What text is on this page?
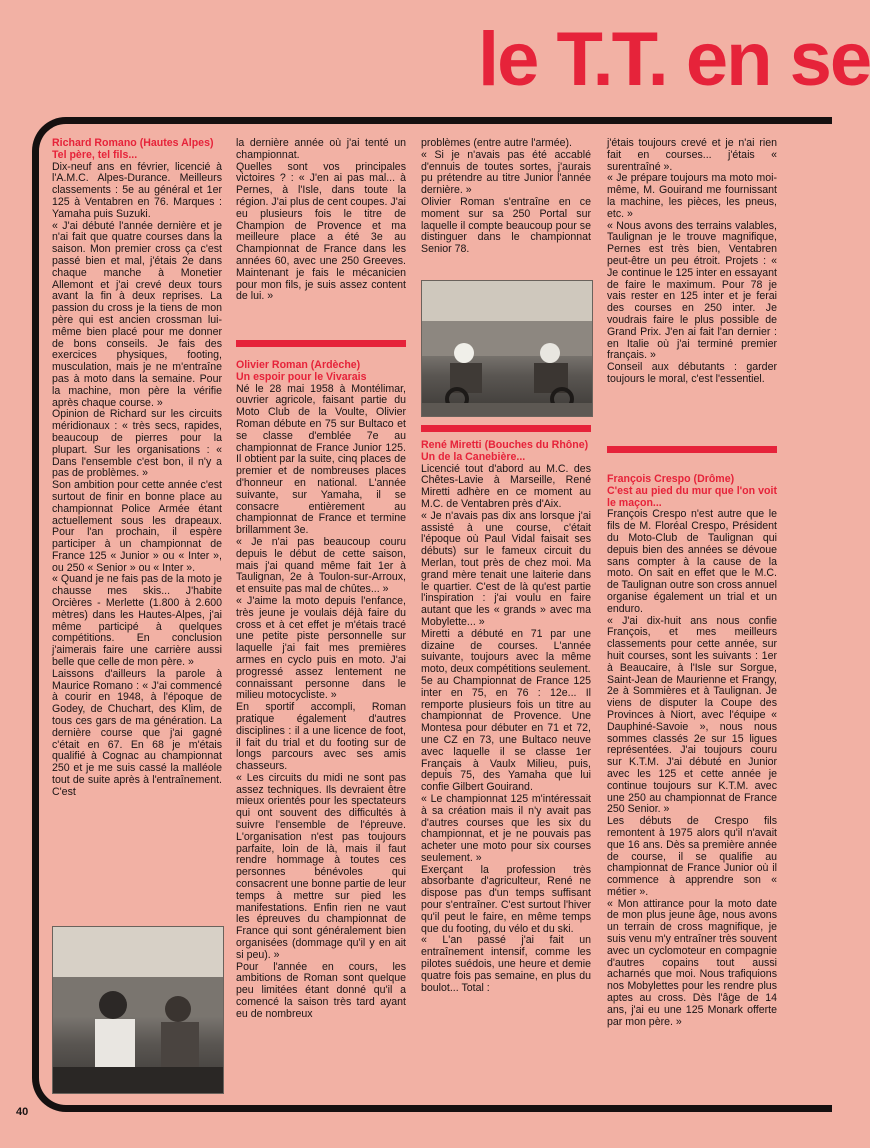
le T.T. en se

Richard Romano (Hautes Alpes)

Tel père, tel fils...

Dix-neuf ans en février, licencié à l'A.M.C. Alpes-Durance. Meilleurs classements : 5e au général et 1er 125 à Ventabren en 76. Marques : Yamaha puis Suzuki.

« J'ai débuté l'année dernière et je n'ai fait que quatre courses dans la saison. Mon premier cross ça c'est passé bien et mal, j'étais 2e dans chaque manche à Monetier Allemont et j'ai crevé deux tours avant la fin à deux reprises. La passion du cross je la tiens de mon père qui est ancien crossman lui-même bien placé pour me donner de bons conseils. Je fais des exercices physiques, footing, musculation, mais je ne m'entraîne pas à moto dans la semaine. Pour la machine, mon père la vérifie après chaque course. »

Opinion de Richard sur les circuits méridionaux : « très secs, rapides, beaucoup de pierres pour la plupart. Sur les organisations : « Dans l'ensemble c'est bon, il n'y a pas de problèmes. »

Son ambition pour cette année c'est surtout de finir en bonne place au championnat Police Armée étant actuellement sous les drapeaux. Pour l'an prochain, il espère participer à un championnat de France 125 « Junior » ou « Inter », ou 250 « Senior » ou « Inter ».

« Quand je ne fais pas de la moto je chausse mes skis... J'habite Orcières - Merlette (1.800 à 2.600 mètres) dans les Hautes-Alpes, j'ai même participé à quelques compétitions. En conclusion j'aimerais faire une carrière aussi belle que celle de mon père. »

Laissons d'ailleurs la parole à Maurice Romano : « J'ai commencé à courir en 1948, à l'époque de Godey, de Chuchart, des Klim, de tous ces gars de ma génération. La dernière course que j'ai gagné c'était en 67. En 68 je m'étais qualifié à Cognac au championnat 250 et je me suis cassé la malléole tout de suite après à l'entraînement. C'est

la dernière année où j'ai tenté un championnat.

Quelles sont vos principales victoires ? : « J'en ai pas mal... à Pernes, à l'Isle, dans toute la région. J'ai plus de cent coupes. J'ai eu plusieurs fois le titre de Champion de Provence et ma meilleure place a été 3e au Championnat de France dans les années 60, avec une 250 Greeves. Maintenant je fais le mécanicien pour mon fils, je suis assez content de lui. »

Olivier Roman (Ardèche)

Un espoir pour le Vivarais

Né le 28 mai 1958 à Montélimar, ouvrier agricole, faisant partie du Moto Club de la Voulte, Olivier Roman débute en 75 sur Bultaco et se classe d'emblée 7e au championnat de France Junior 125. Il obtient par la suite, cinq places de premier et de nombreuses places d'honneur en national. L'année suivante, sur Yamaha, il se consacre entièrement au championnat de France et termine brillamment 3e.

« Je n'ai pas beaucoup couru depuis le début de cette saison, mais j'ai quand même fait 1er à Taulignan, 2e à Toulon-sur-Arroux, et ensuite pas mal de chûtes... »

« J'aime la moto depuis l'enfance, très jeune je voulais déjà faire du cross et à cet effet je m'étais tracé une petite piste personnelle sur laquelle j'ai fait mes premières armes en cyclo puis en moto. J'ai progressé assez lentement ne connaissant personne dans le milieu motocycliste. »

En sportif accompli, Roman pratique également d'autres disciplines : il a une licence de foot, il fait du trial et du footing sur de longs parcours avec ses amis chasseurs.

« Les circuits du midi ne sont pas assez techniques. Ils devraient être mieux orientés pour les spectateurs qui ont souvent des difficultés à suivre l'ensemble de l'épreuve. L'organisation n'est pas toujours parfaite, loin de là, mais il faut rendre hommage à toutes ces personnes bénévoles qui consacrent une bonne partie de leur temps à mettre sur pied les manifestations. Enfin rien ne vaut les épreuves du championnat de France qui sont généralement bien organisées (dommage qu'il y en ait si peu). »

Pour l'année en cours, les ambitions de Roman sont quelque peu limitées étant donné qu'il a comencé la saison très tard ayant eu de nombreux

problèmes (entre autre l'armée).

« Si je n'avais pas été accablé d'ennuis de toutes sortes, j'aurais pu prétendre au titre Junior l'année dernière. »

Olivier Roman s'entraîne en ce moment sur sa 250 Portal sur laquelle il compte beaucoup pour se distinguer dans le championnat Senior 78.

René Miretti (Bouches du Rhône)

Un de la Canebière...

Licencié tout d'abord au M.C. des Chêtes-Lavie à Marseille, René Miretti adhère en ce moment au M.C. de Ventabren près d'Aix.

« Je n'avais pas dix ans lorsque j'ai assisté à une course, c'était l'époque où Paul Vidal faisait ses débuts) sur le fameux circuit du Merlan, tout près de chez moi. Ma grand mère tenait une laiterie dans le quartier. C'est de là qu'est partie l'inspiration : j'ai voulu en faire autant que les « grands » avec ma Mobylette... »

Miretti a débuté en 71 par une dizaine de courses. L'année suivante, toujours avec la même moto, deux compétitions seulement.

5e au Championnat de France 125 inter en 75, en 76 : 12e... Il remporte plusieurs fois un titre au championnat de Provence. Une Montesa pour débuter en 71 et 72, une CZ en 73, une Bultaco neuve avec laquelle il se classe 1er Français à Vaulx Milieu, puis, depuis 75, des Yamaha que lui confie Gilbert Gouirand.

« Le championnat 125 m'intéressait à sa création mais il n'y avait pas d'autres courses que les six du championnat, et je ne pouvais pas acheter une moto pour six courses seulement. »

Exerçant la profession très absorbante d'agriculteur, René ne dispose pas d'un temps suffisant pour s'entraîner. C'est surtout l'hiver qu'il peut le faire, en même temps que du footing, du vélo et du ski.

« L'an passé j'ai fait un entraînement intensif, comme les pilotes suédois, une heure et demie quatre fois pas semaine, en plus du boulot... Total :

j'étais toujours crevé et je n'ai rien fait en courses... j'étais « surentraîné ».

« Je prépare toujours ma moto moi-même, M. Gouirand me fournissant la machine, les pièces, les pneus, etc. »

« Nous avons des terrains valables, Taulignan je le trouve magnifique, Pernes est très bien, Ventabren peut-être un peu étroit. Projets : « Je continue le 125 inter en essayant de faire le maximum. Pour 78 je vais rester en 125 inter et je ferai des courses en 250 inter. Je voudrais faire le plus possible de Grand Prix. J'en ai fait l'an dernier : en Italie où j'ai terminé premier français. »

Conseil aux débutants : garder toujours le moral, c'est l'essentiel.

François Crespo (Drôme)

C'est au pied du mur que l'on voit le maçon...

François Crespo n'est autre que le fils de M. Floréal Crespo, Président du Moto-Club de Taulignan qui depuis bien des années se dévoue sans compter à la cause de la moto. On sait en effet que le M.C. de Taulignan outre son cross annuel organise également un trial et un enduro.

« J'ai dix-huit ans nous confie François, et mes meilleurs classements pour cette année, sur huit courses, sont les suivants : 1er à Beaucaire, à l'Isle sur Sorgue, Saint-Jean de Maurienne et Frangy, 2e à Sommières et à Taulignan. Je viens de disputer la Coupe des Provinces à Niort, avec l'équipe « Dauphiné-Savoie », nous nous sommes classés 2e sur 15 ligues représentées. J'ai toujours couru sur K.T.M. J'ai débuté en Junior avec les 125 et cette année je continue toujours sur K.T.M. avec une 250 au championnat de France 250 Senior. »

Les débuts de Crespo fils remontent à 1975 alors qu'il n'avait que 16 ans. Dès sa première année de course, il se qualifie au championnat de France Junior où il commence à apprendre son « métier ».

« Mon attirance pour la moto date de mon plus jeune âge, nous avons un terrain de cross magnifique, je suis venu m'y entraîner très souvent avec un cyclomoteur en compagnie d'autres copains tout aussi acharnés que moi. Nous trafiquions nos Mobylettes pour les rendre plus aptes au cross. Dès l'âge de 14 ans, j'ai eu une 125 Monark offerte par mon père. »

40
